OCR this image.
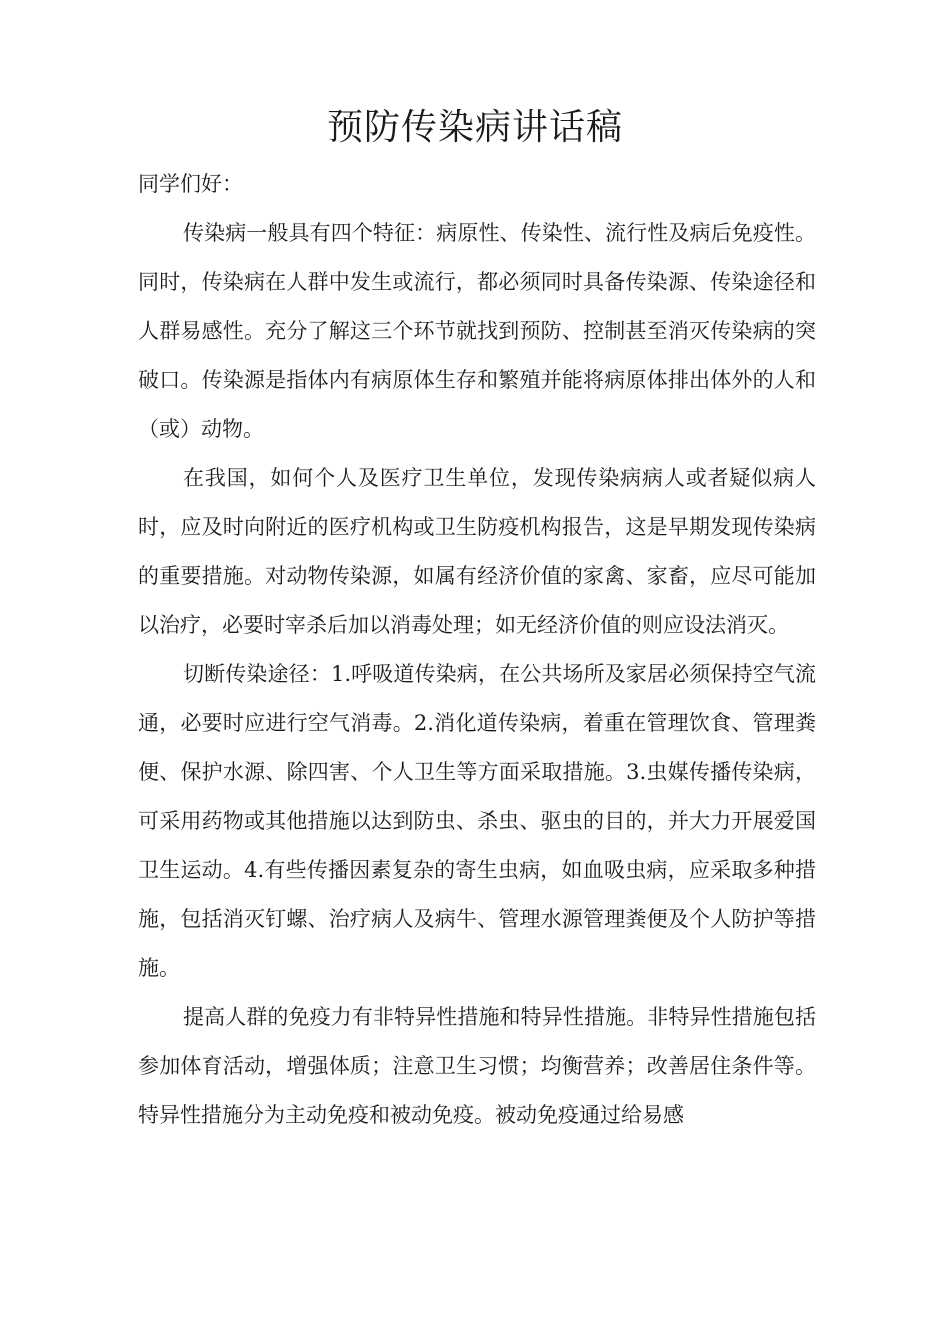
预防传染病讲话稿

同学们好：

传染病一般具有四个特征：病原性、传染性、流行性及病后免疫性。同时，传染病在人群中发生或流行，都必须同时具备传染源、传染途径和人群易感性。充分了解这三个环节就找到预防、控制甚至消灭传染病的突破口。传染源是指体内有病原体生存和繁殖并能将病原体排出体外的人和（或）动物。

在我国，如何个人及医疗卫生单位，发现传染病病人或者疑似病人时，应及时向附近的医疗机构或卫生防疫机构报告，这是早期发现传染病的重要措施。对动物传染源，如属有经济价值的家禽、家畜，应尽可能加以治疗，必要时宰杀后加以消毒处理；如无经济价值的则应设法消灭。

切断传染途径：1.呼吸道传染病，在公共场所及家居必须保持空气流通，必要时应进行空气消毒。2.消化道传染病，着重在管理饮食、管理粪便、保护水源、除四害、个人卫生等方面采取措施。3.虫媒传播传染病，可采用药物或其他措施以达到防虫、杀虫、驱虫的目的，并大力开展爱国卫生运动。4.有些传播因素复杂的寄生虫病，如血吸虫病，应采取多种措施，包括消灭钉螺、治疗病人及病牛、管理水源管理粪便及个人防护等措施。

提高人群的免疫力有非特异性措施和特异性措施。非特异性措施包括参加体育活动，增强体质；注意卫生习惯；均衡营养；改善居住条件等。特异性措施分为主动免疫和被动免疫。被动免疫通过给易感
